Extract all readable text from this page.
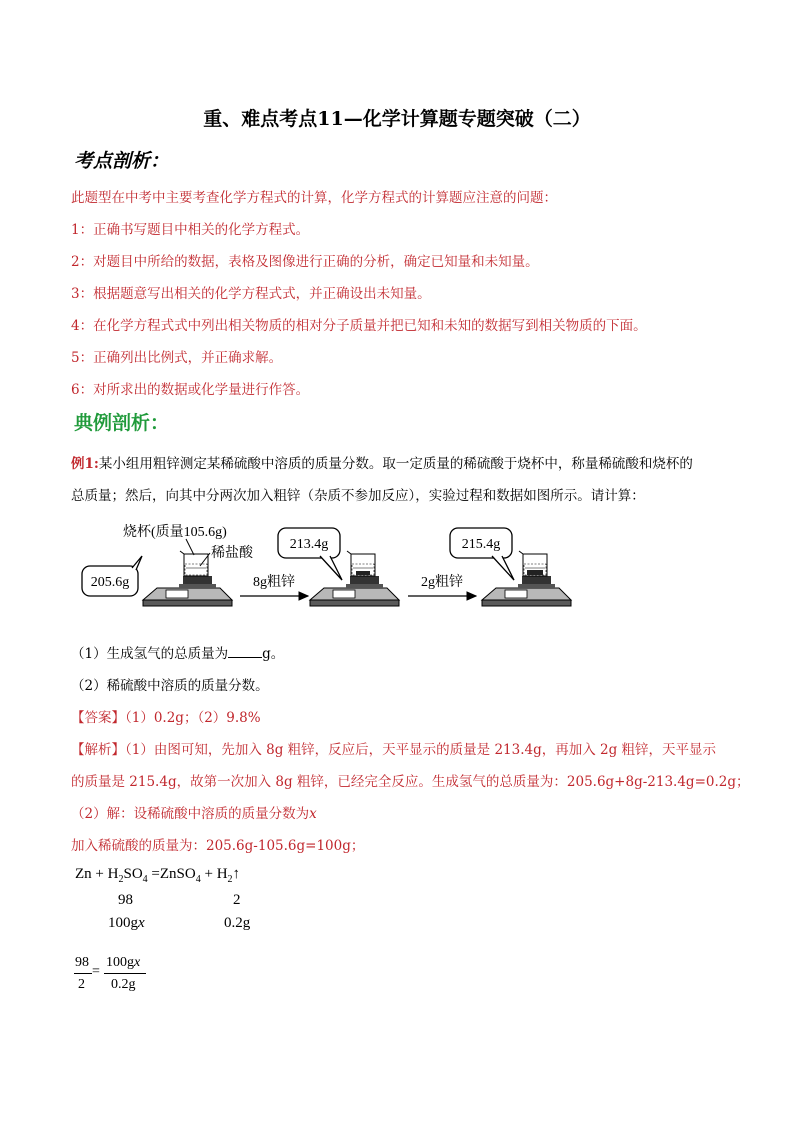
重、难点考点11—化学计算题专题突破（二）
考点剖析：
此题型在中考中主要考查化学方程式的计算，化学方程式的计算题应注意的问题：
1：正确书写题目中相关的化学方程式。
2：对题目中所给的数据，表格及图像进行正确的分析，确定已知量和未知量。
3：根据题意写出相关的化学方程式式，并正确设出未知量。
4：在化学方程式式中列出相关物质的相对分子质量并把已知和未知的数据写到相关物质的下面。
5：正确列出比例式，并正确求解。
6：对所求出的数据或化学量进行作答。
典例剖析：
例1:某小组用粗锌测定某稀硫酸中溶质的质量分数。取一定质量的稀硫酸于烧杯中，称量稀硫酸和烧杯的
总质量；然后，向其中分两次加入粗锌（杂质不参加反应），实验过程和数据如图所示。请计算：
205.6g
烧杯(质量105.6g)
稀盐酸
8g粗锌
213.4g
2g粗锌
215.4g
（1）生成氢气的总质量为	g。
（2）稀硫酸中溶质的质量分数。
【答案】（1）0.2g；（2）9.8%
【解析】（1）由图可知，先加入 8g 粗锌，反应后，天平显示的质量是 213.4g，再加入 2g 粗锌，天平显示
的质量是 215.4g，故第一次加入 8g 粗锌，已经完全反应。生成氢气的总质量为：205.6g+8g-213.4g=0.2g；
（2）解：设稀硫酸中溶质的质量分数为x
加入稀硫酸的质量为：205.6g-105.6g=100g；
$Zn + H_2SO_4$ =ZnSO$_4$ + $H_2↑$
98	2
100gx	0.2g
98
2
=
100gx
0.2g
